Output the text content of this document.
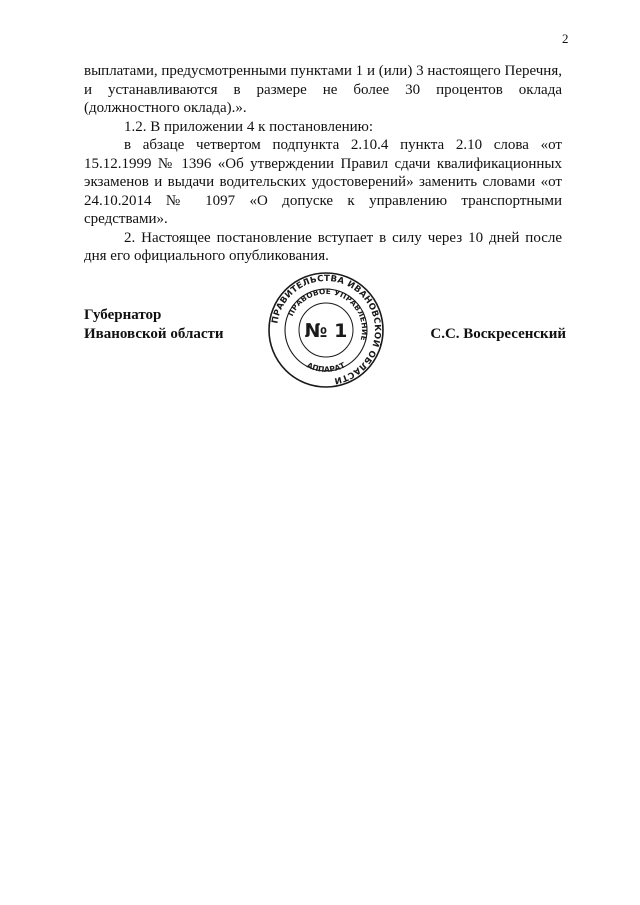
2

выплатами, предусмотренными пунктами 1 и (или) 3 настоящего Перечня, и устанавливаются в размере не более 30 процентов оклада (должностного оклада).».

1.2. В приложении 4 к постановлению:

в абзаце четвертом подпункта 2.10.4 пункта 2.10 слова «от 15.12.1999 № 1396 «Об утверждении Правил сдачи квалификационных экзаменов и выдачи водительских удостоверений» заменить словами «от 24.10.2014 № 1097 «О допуске к управлению транспортными средствами».

2. Настоящее постановление вступает в силу через 10 дней после дня его официального опубликования.

Губернатор
Ивановской области	С.С. Воскресенский
ПРАВИТЕЛЬСТВА ИВАНОВСКОЙ ОБЛАСТИ
ПРАВОВОЕ УПРАВЛЕНИЕ
АППАРАТ
№ 1
